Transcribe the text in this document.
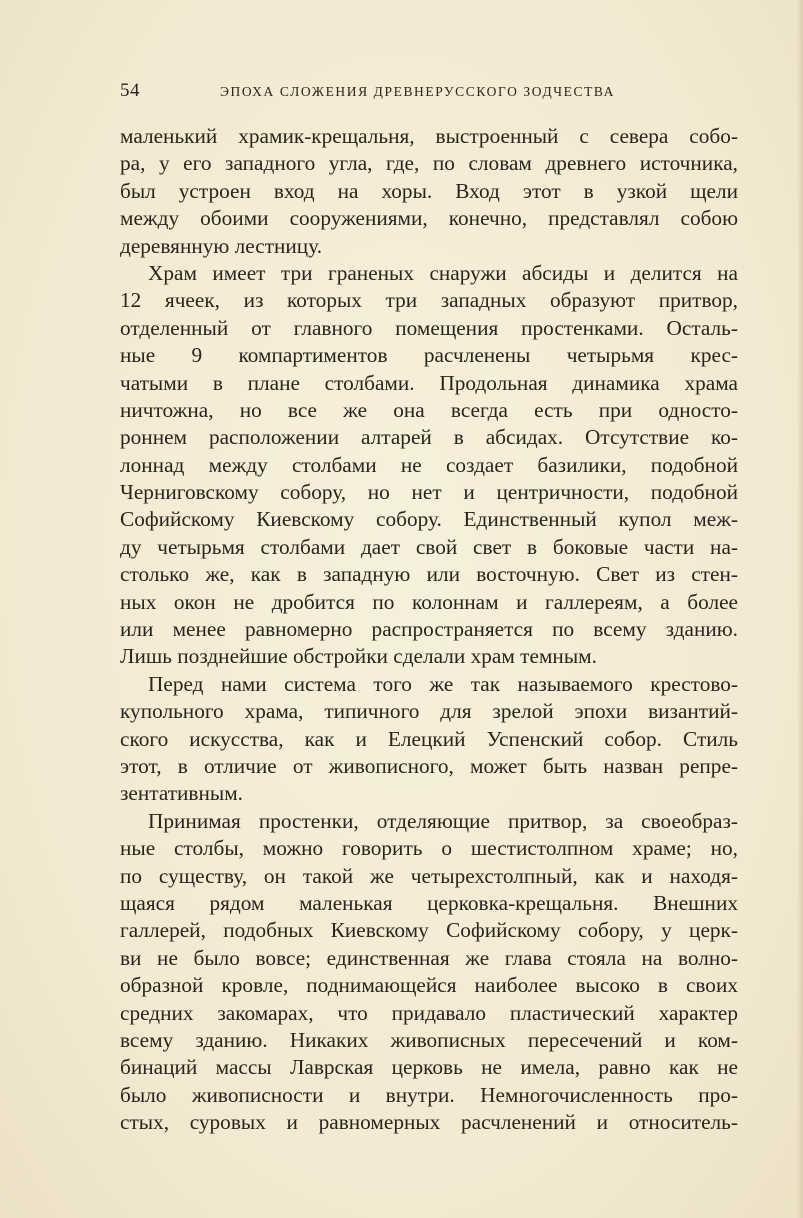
54	ЭПОХА СЛОЖЕНИЯ ДРЕВНЕРУССКОГО ЗОДЧЕСТВА
маленький храмик-крещальня, выстроенный с севера собо-
ра, у его западного угла, где, по словам древнего источника,
был устроен вход на хоры. Вход этот в узкой щели
между обоими сооружениями, конечно, представлял собою
деревянную лестницу.
Храм имеет три граненых снаружи абсиды и делится на
12 ячеек, из которых три западных образуют притвор,
отделенный от главного помещения простенками. Осталь-
ные 9 компартиментов расчленены четырьмя крес-
чатыми в плане столбами. Продольная динамика храма
ничтожна, но все же она всегда есть при односто-
роннем расположении алтарей в абсидах. Отсутствие ко-
лоннад между столбами не создает базилики, подобной
Черниговскому собору, но нет и центричности, подобной
Софийскому Киевскому собору. Единственный купол меж-
ду четырьмя столбами дает свой свет в боковые части на-
столько же, как в западную или восточную. Свет из стен-
ных окон не дробится по колоннам и галлереям, а более
или менее равномерно распространяется по всему зданию.
Лишь позднейшие обстройки сделали храм темным.
Перед нами система того же так называемого крестово-
купольного храма, типичного для зрелой эпохи византий-
ского искусства, как и Елецкий Успенский собор. Стиль
этот, в отличие от живописного, может быть назван репре-
зентативным.
Принимая простенки, отделяющие притвор, за своеобраз-
ные столбы, можно говорить о шестистолпном храме; но,
по существу, он такой же четырехстолпный, как и находя-
щаяся рядом маленькая церковка-крещальня. Внешних
галлерей, подобных Киевскому Софийскому собору, у церк-
ви не было вовсе; единственная же глава стояла на волно-
образной кровле, поднимающейся наиболее высоко в своих
средних закомарах, что придавало пластический характер
всему зданию. Никаких живописных пересечений и ком-
бинаций массы Лаврская церковь не имела, равно как не
было живописности и внутри. Немногочисленность про-
стых, суровых и равномерных расчленений и относитель-
